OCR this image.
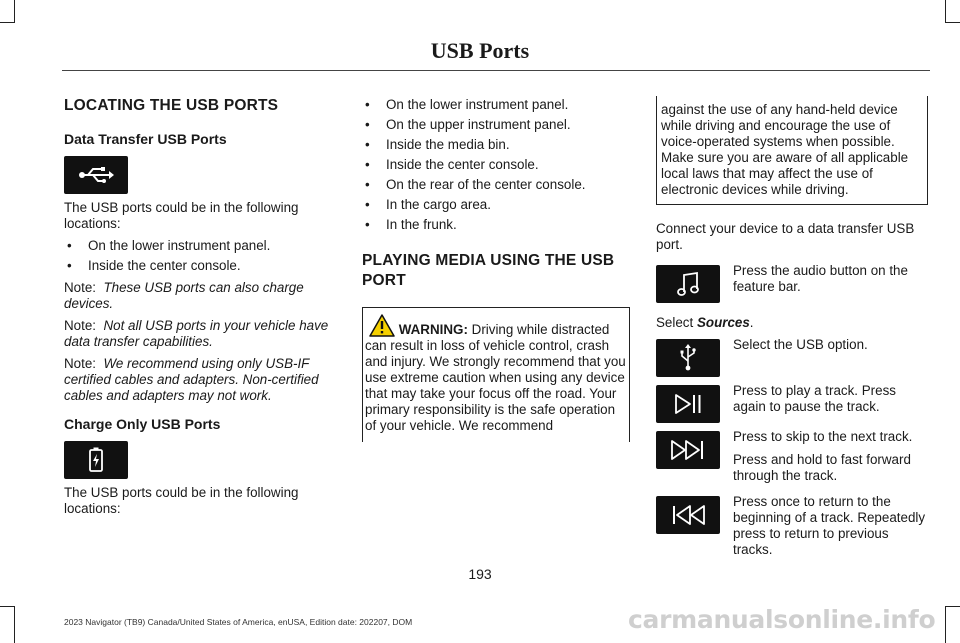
USB Ports
LOCATING THE USB PORTS
Data Transfer USB Ports

The USB ports could be in the following locations:

• On the lower instrument panel.

• Inside the center console.

Note: These USB ports can also charge devices.

Note: Not all USB ports in your vehicle have data transfer capabilities.

Note: We recommend using only USB-IF certified cables and adapters. Non-certified cables and adapters may not work.

Charge Only USB Ports

The USB ports could be in the following locations:

• On the lower instrument panel.

• On the upper instrument panel.

• Inside the media bin.

• Inside the center console.

• On the rear of the center console.

• In the cargo area.

• In the frunk.

PLAYING MEDIA USING THE USB PORT

WARNING: Driving while distracted can result in loss of vehicle control, crash and injury. We strongly recommend that you use extreme caution when using any device that may take your focus off the road. Your primary responsibility is the safe operation of your vehicle. We recommend

against the use of any hand-held device while driving and encourage the use of voice-operated systems when possible. Make sure you are aware of all applicable local laws that may affect the use of electronic devices while driving.

Connect your device to a data transfer USB port.

Press the audio button on the feature bar.

Select Sources.

Select the USB option.

Press to play a track. Press again to pause the track.

Press to skip to the next track.

Press and hold to fast forward through the track.

Press once to return to the beginning of a track. Repeatedly press to return to previous tracks.

193
2023 Navigator (TB9) Canada/United States of America, enUSA, Edition date: 202207, DOM	carmanualsonline.info
